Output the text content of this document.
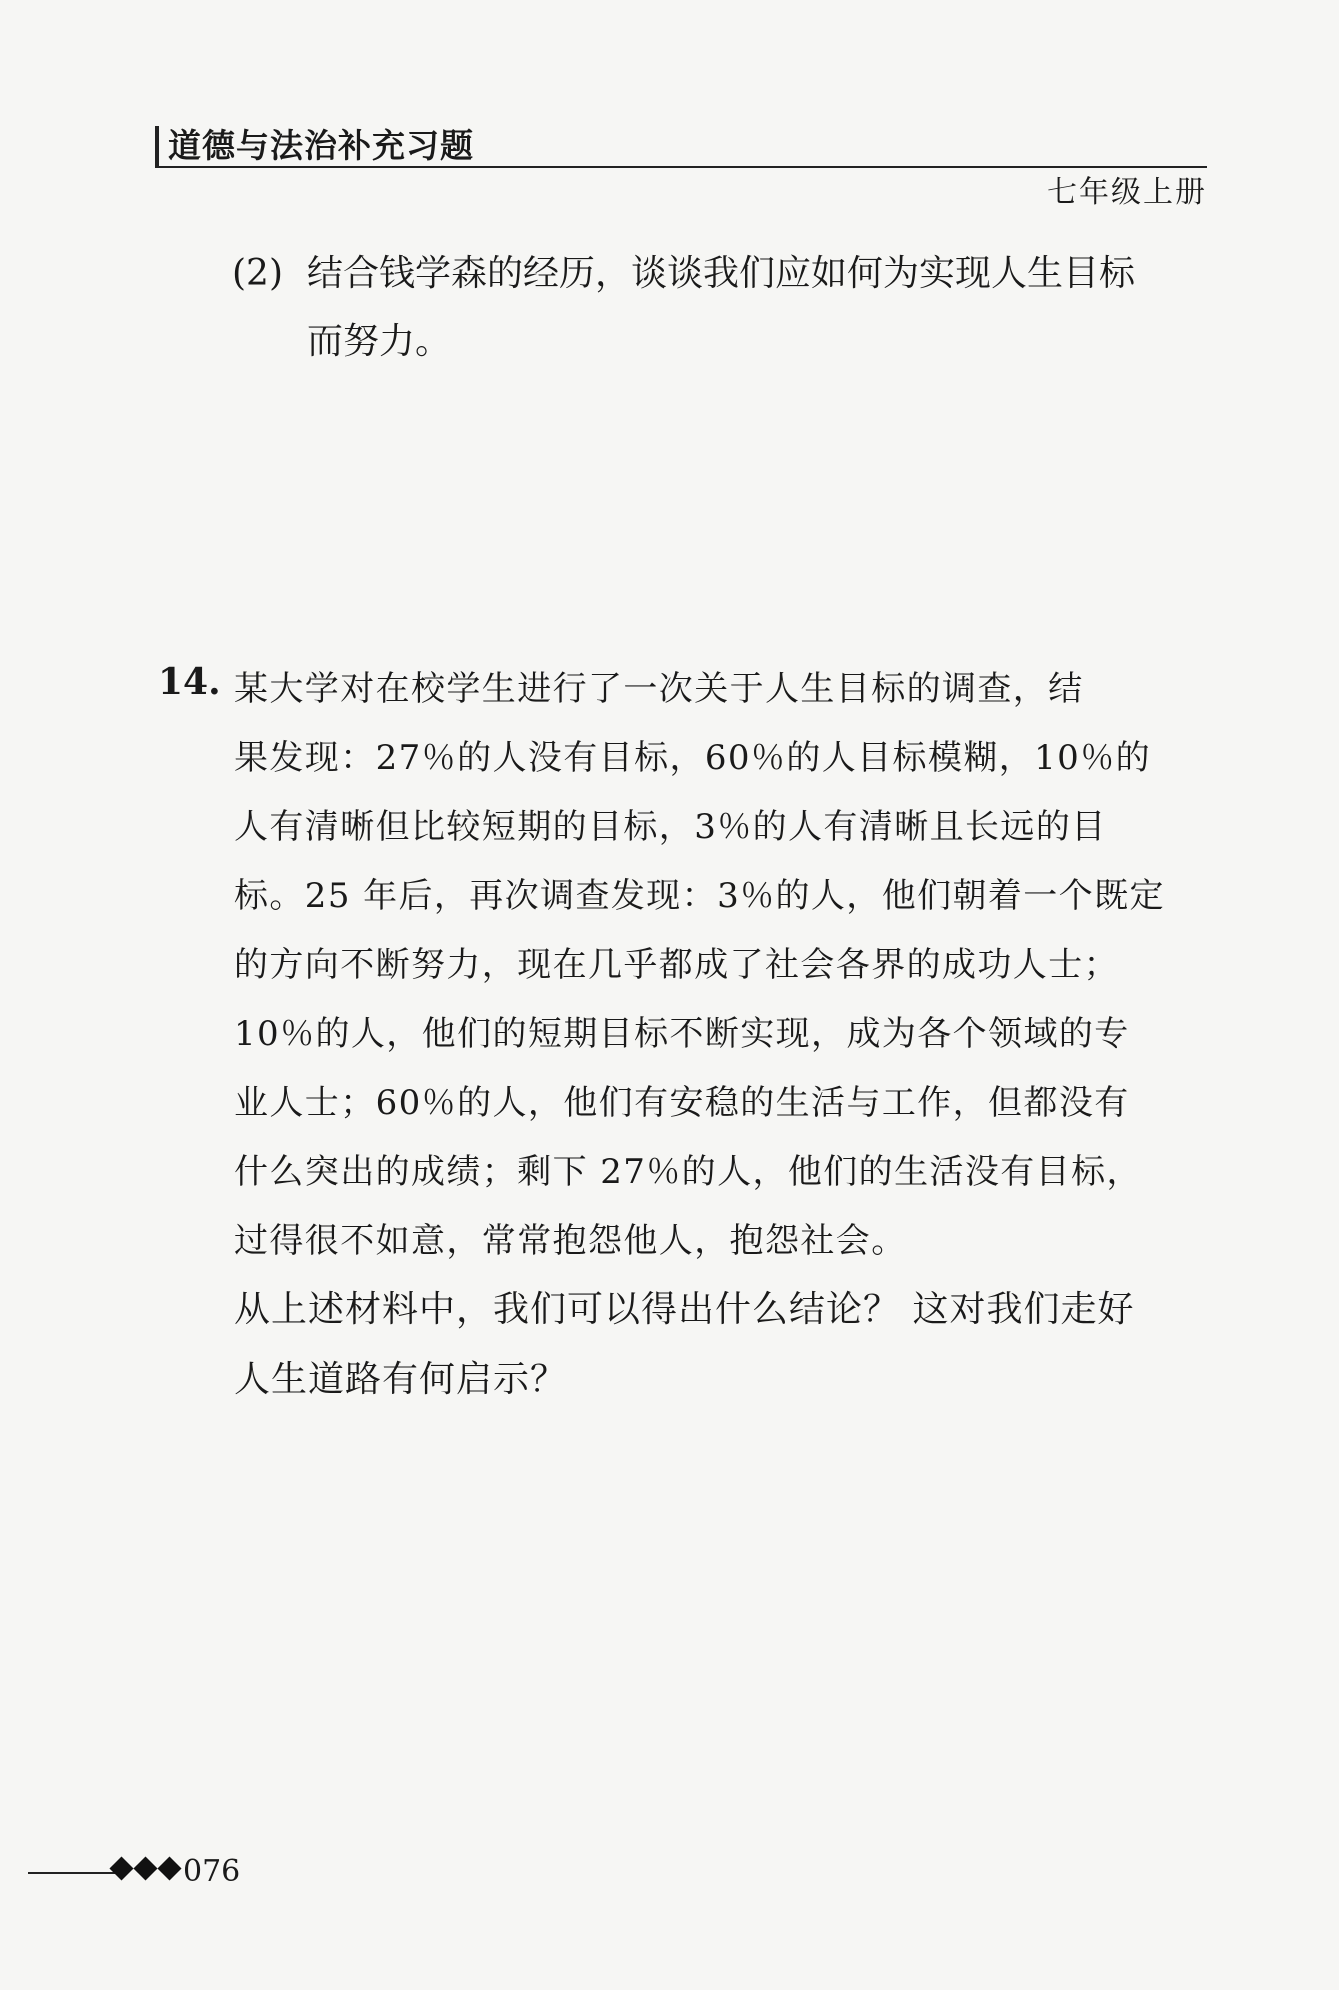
道德与法治补充习题
七年级上册
(2) 结合钱学森的经历，谈谈我们应如何为实现人生目标
而努力。
14. 某大学对在校学生进行了一次关于人生目标的调查，结
果发现：27％的人没有目标，60％的人目标模糊，10％的
人有清晰但比较短期的目标，3％的人有清晰且长远的目
标。25 年后，再次调查发现：3％的人，他们朝着一个既定
的方向不断努力，现在几乎都成了社会各界的成功人士；
10％的人，他们的短期目标不断实现，成为各个领域的专
业人士；60％的人，他们有安稳的生活与工作，但都没有
什么突出的成绩；剩下 27％的人，他们的生活没有目标，
过得很不如意，常常抱怨他人，抱怨社会。
从上述材料中，我们可以得出什么结论？ 这对我们走好
人生道路有何启示？
076
